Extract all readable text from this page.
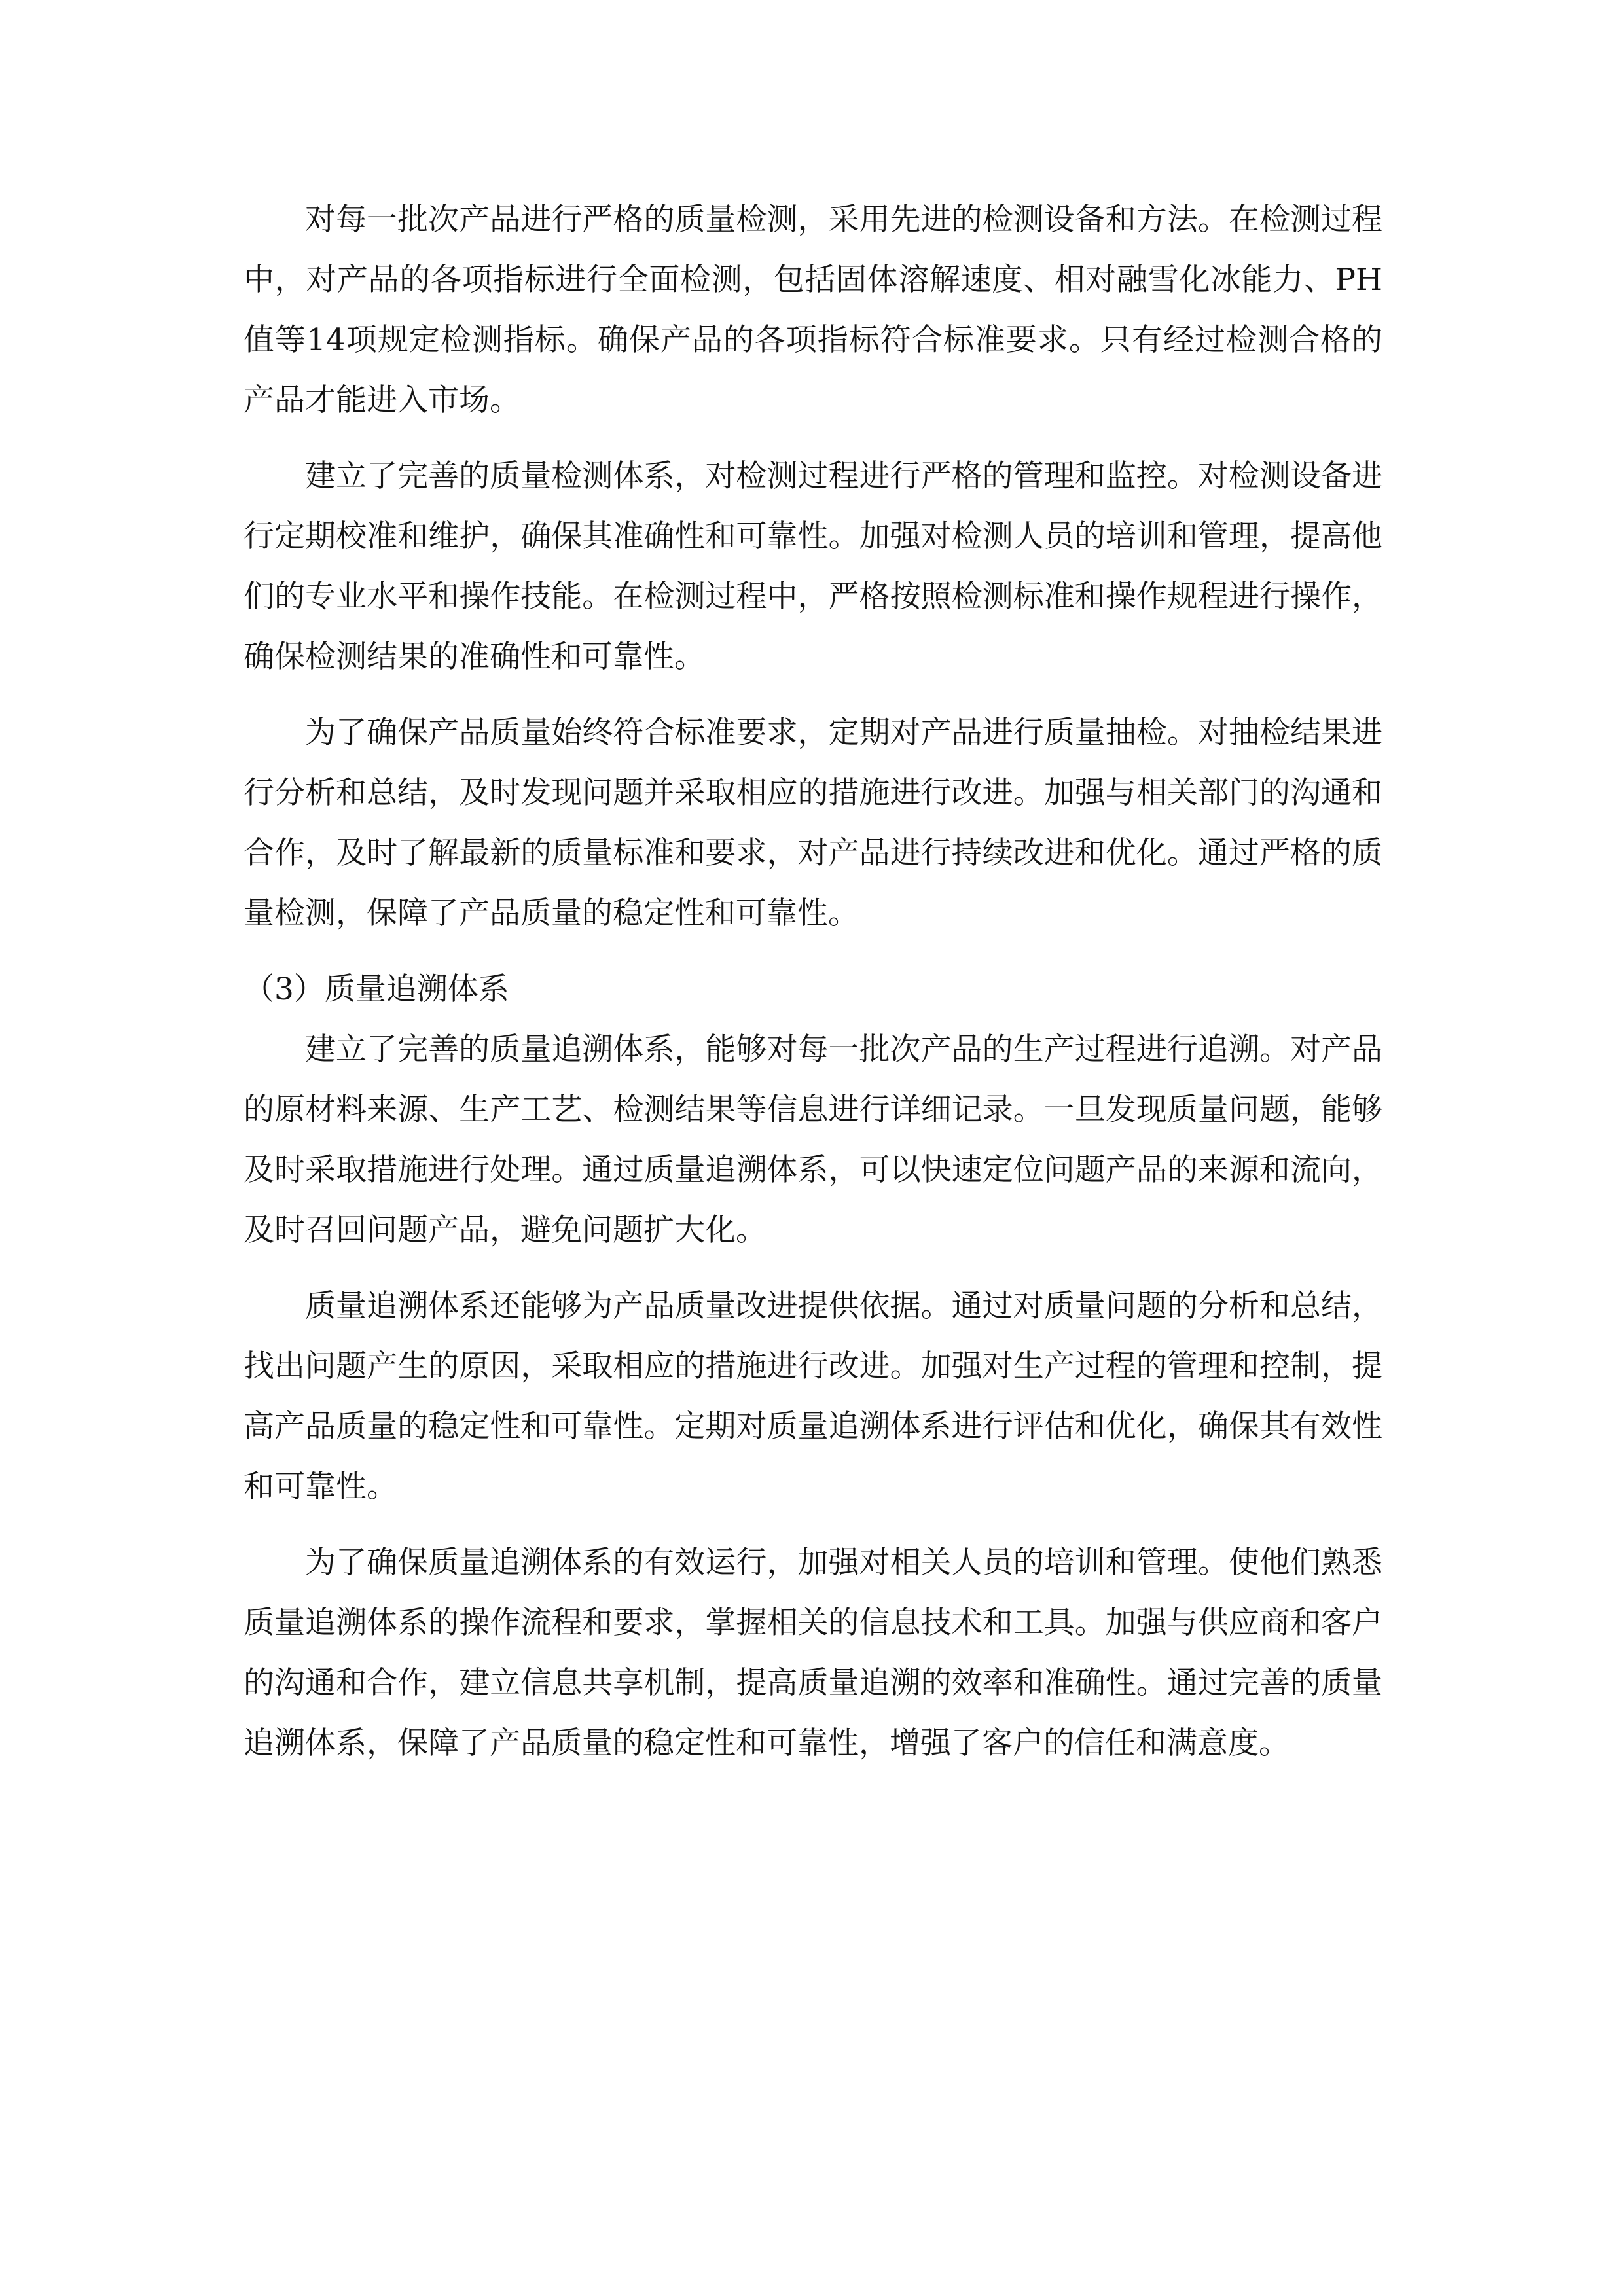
对每一批次产品进行严格的质量检测，采用先进的检测设备和方法。在检测过程中，对产品的各项指标进行全面检测，包括固体溶解速度、相对融雪化冰能力、PH值等14项规定检测指标。确保产品的各项指标符合标准要求。只有经过检测合格的产品才能进入市场。

建立了完善的质量检测体系，对检测过程进行严格的管理和监控。对检测设备进行定期校准和维护，确保其准确性和可靠性。加强对检测人员的培训和管理，提高他们的专业水平和操作技能。在检测过程中，严格按照检测标准和操作规程进行操作，确保检测结果的准确性和可靠性。

为了确保产品质量始终符合标准要求，定期对产品进行质量抽检。对抽检结果进行分析和总结，及时发现问题并采取相应的措施进行改进。加强与相关部门的沟通和合作，及时了解最新的质量标准和要求，对产品进行持续改进和优化。通过严格的质量检测，保障了产品质量的稳定性和可靠性。

（3）质量追溯体系

建立了完善的质量追溯体系，能够对每一批次产品的生产过程进行追溯。对产品的原材料来源、生产工艺、检测结果等信息进行详细记录。一旦发现质量问题，能够及时采取措施进行处理。通过质量追溯体系，可以快速定位问题产品的来源和流向，及时召回问题产品，避免问题扩大化。

质量追溯体系还能够为产品质量改进提供依据。通过对质量问题的分析和总结，找出问题产生的原因，采取相应的措施进行改进。加强对生产过程的管理和控制，提高产品质量的稳定性和可靠性。定期对质量追溯体系进行评估和优化，确保其有效性和可靠性。

为了确保质量追溯体系的有效运行，加强对相关人员的培训和管理。使他们熟悉质量追溯体系的操作流程和要求，掌握相关的信息技术和工具。加强与供应商和客户的沟通和合作，建立信息共享机制，提高质量追溯的效率和准确性。通过完善的质量追溯体系，保障了产品质量的稳定性和可靠性，增强了客户的信任和满意度。
